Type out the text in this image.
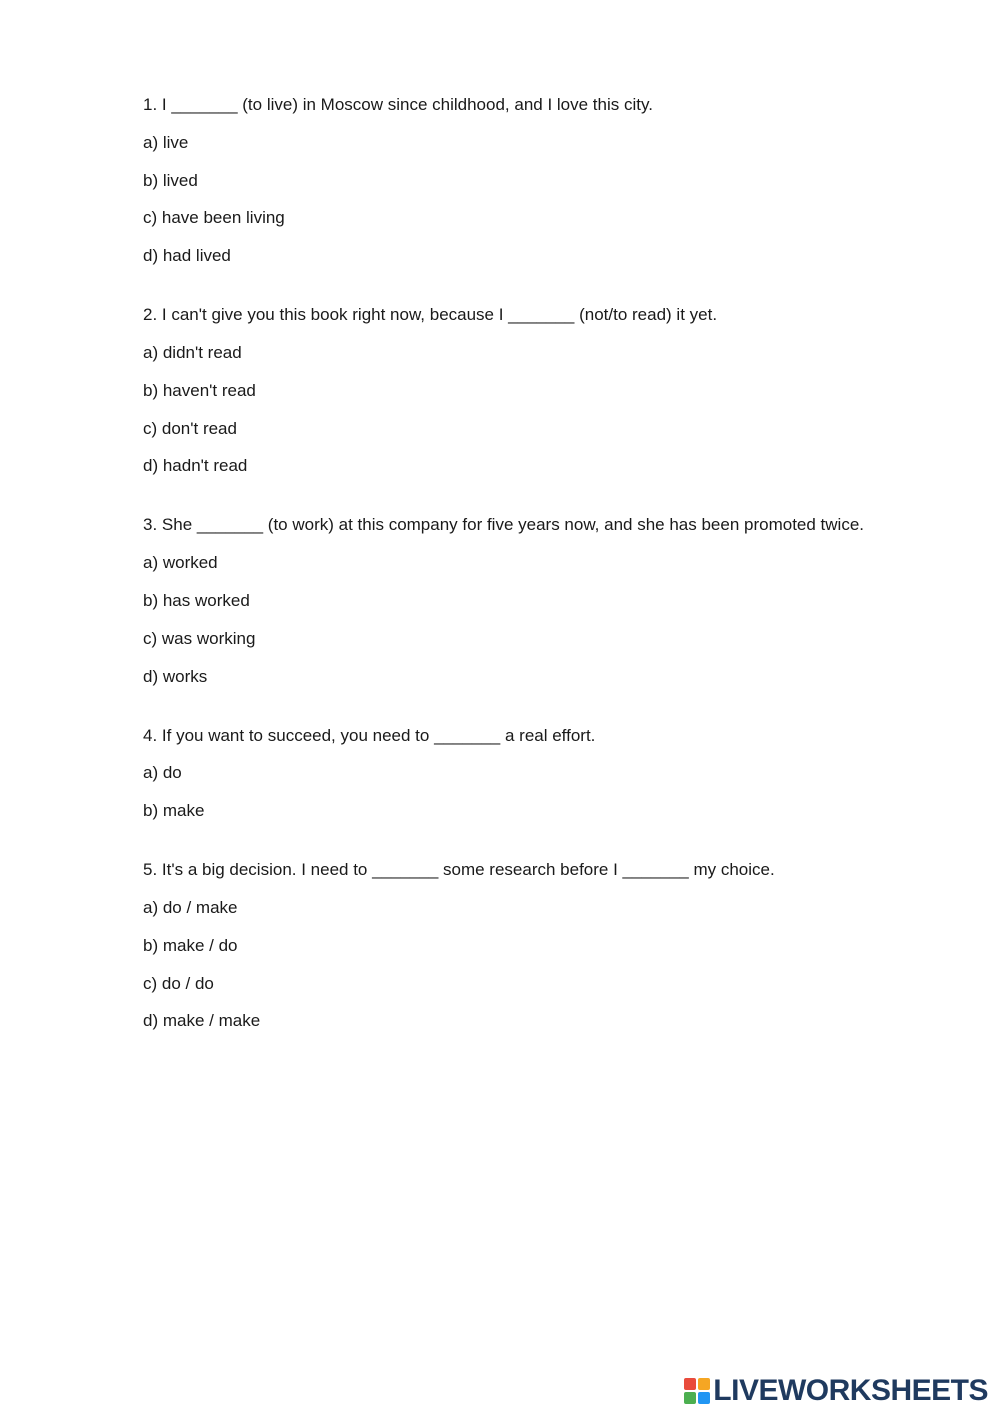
1. I _______ (to live) in Moscow since childhood, and I love this city.
a) live
b) lived
c) have been living
d) had lived
2. I can't give you this book right now, because I _______ (not/to read) it yet.
a) didn't read
b) haven't read
c) don't read
d) hadn't read
3. She _______ (to work) at this company for five years now, and she has been promoted twice.
a) worked
b) has worked
c) was working
d) works
4. If you want to succeed, you need to _______ a real effort.
a) do
b) make
5. It's a big decision. I need to _______ some research before I _______ my choice.
a) do / make
b) make / do
c) do / do
d) make / make
LIVEWORKSHEETS
